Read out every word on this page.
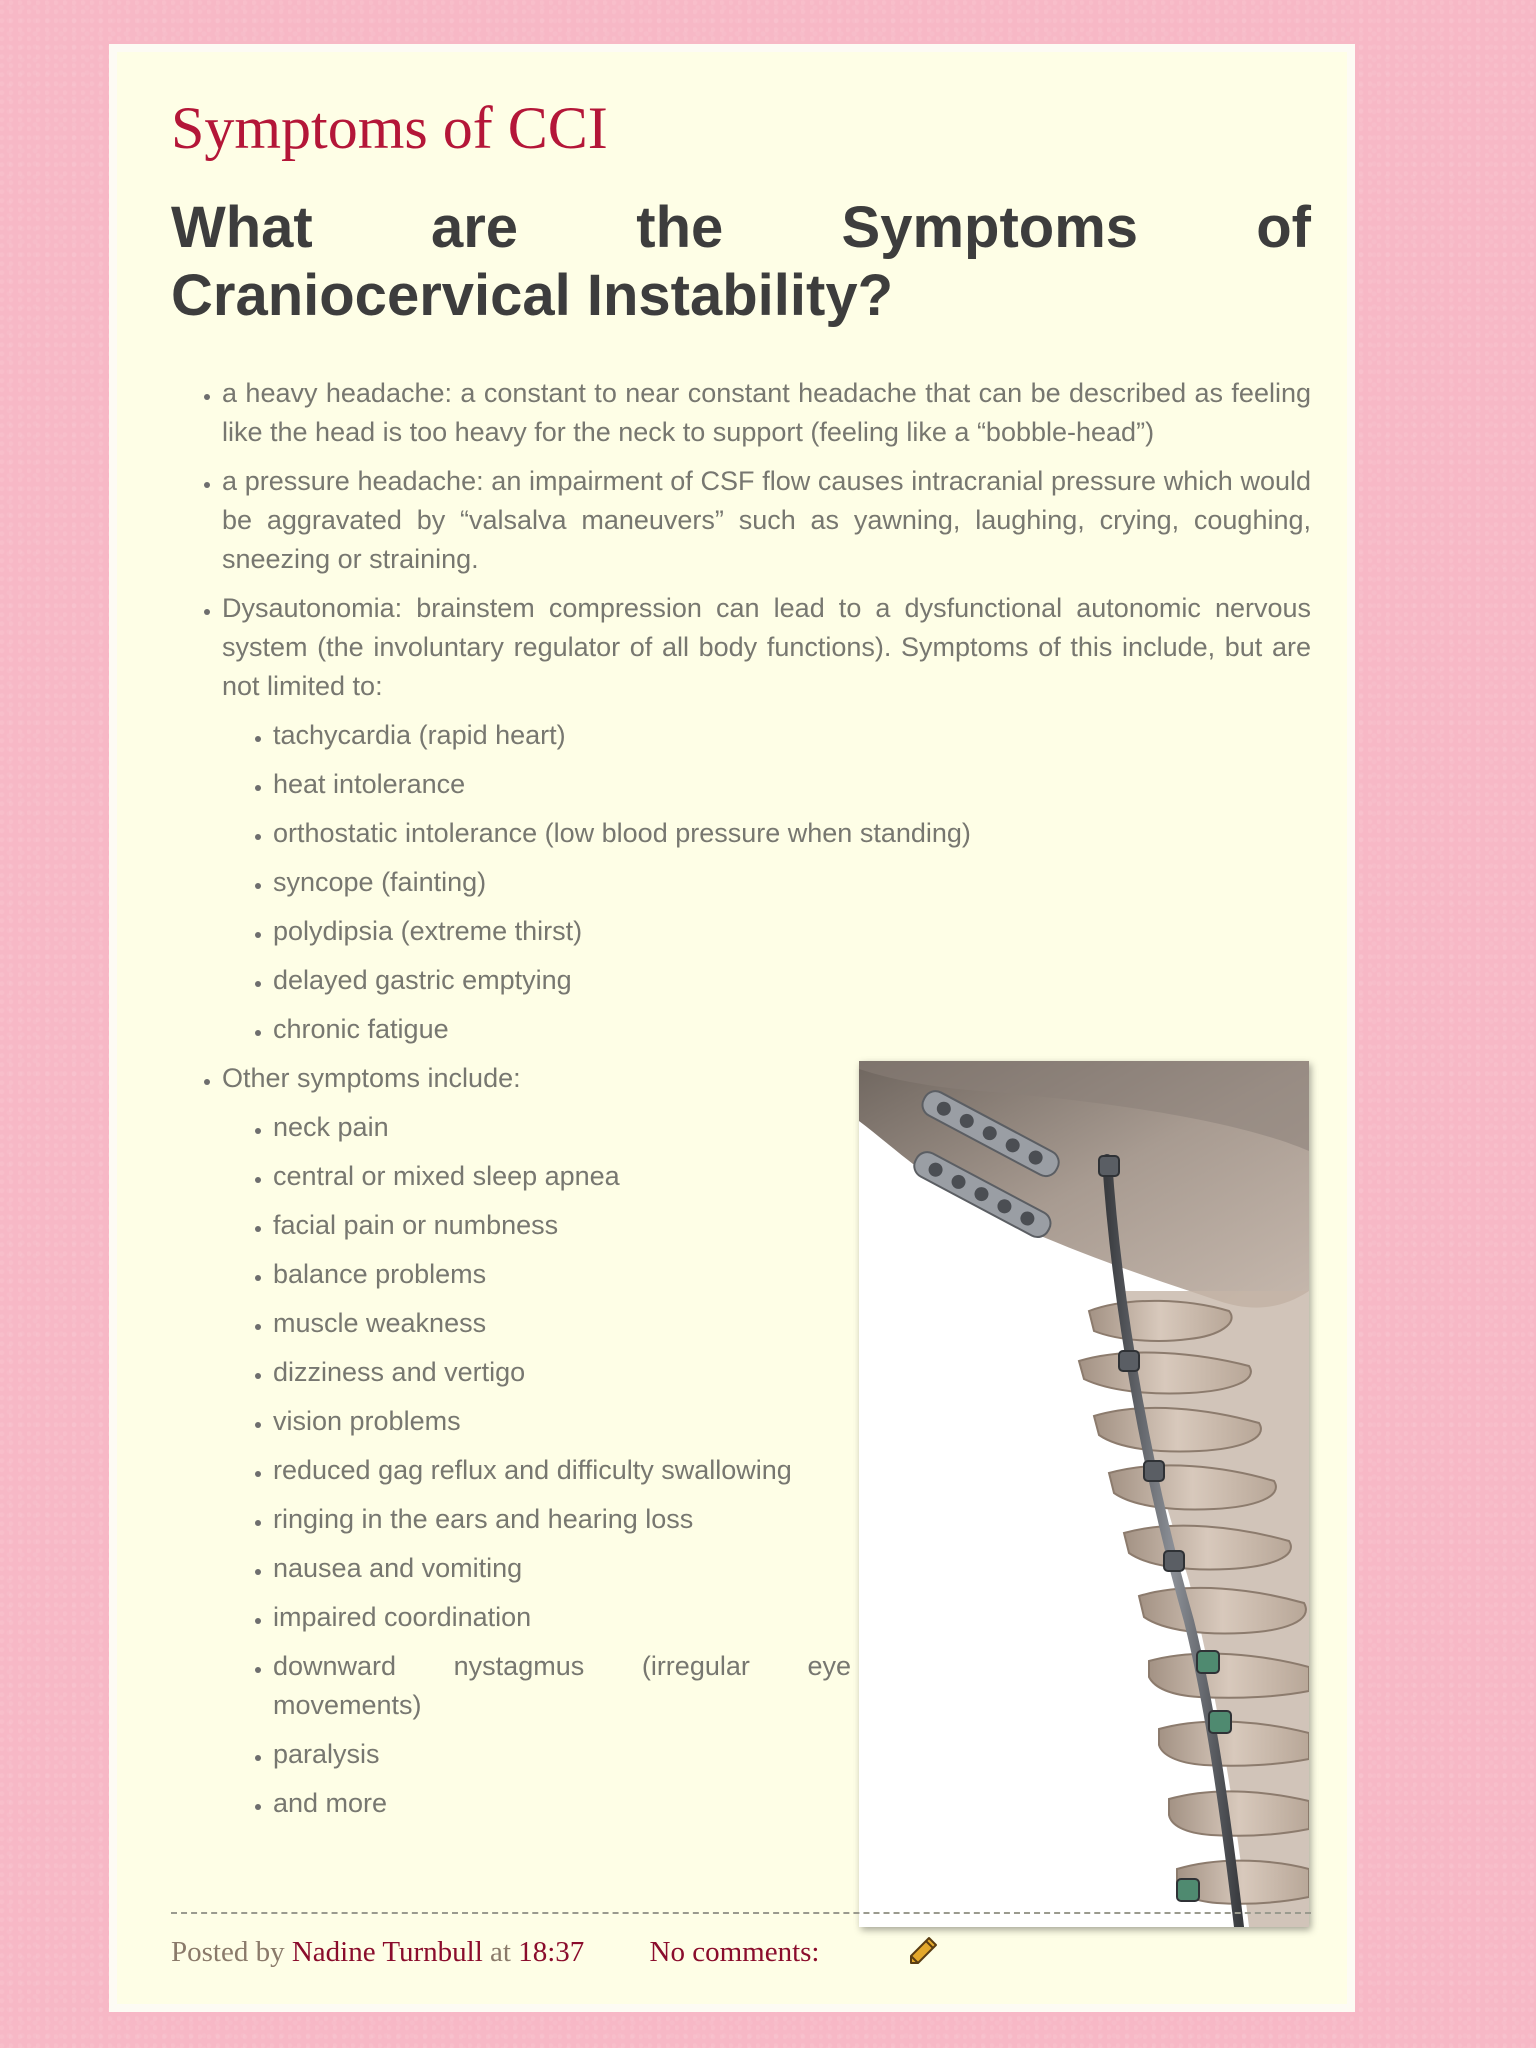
Symptoms of CCI
What are the Symptoms of Craniocervical Instability?
• a heavy headache: a constant to near constant headache that can be described as feeling like the head is too heavy for the neck to support (feeling like a “bobble-head”)
• a pressure headache: an impairment of CSF flow causes intracranial pressure which would be aggravated by “valsalva maneuvers” such as yawning, laughing, crying, coughing, sneezing or straining.
• Dysautonomia: brainstem compression can lead to a dysfunctional autonomic nervous system (the involuntary regulator of all body functions). Symptoms of this include, but are not limited to:
• tachycardia (rapid heart)
• heat intolerance
• orthostatic intolerance (low blood pressure when standing)
• syncope (fainting)
• polydipsia (extreme thirst)
• delayed gastric emptying
• chronic fatigue
• Other symptoms include:
• neck pain
• central or mixed sleep apnea
• facial pain or numbness
• balance problems
• muscle weakness
• dizziness and vertigo
• vision problems
• reduced gag reflux and difficulty swallowing
• ringing in the ears and hearing loss
• nausea and vomiting
• impaired coordination
• downward nystagmus (irregular eye movements)
• paralysis
• and more
Posted by Nadine Turnbull at 18:37 No comments:
